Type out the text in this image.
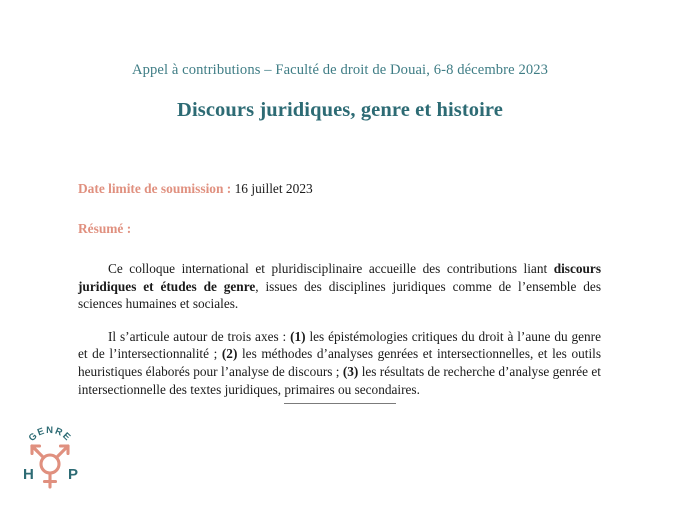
Appel à contributions – Faculté de droit de Douai, 6-8 décembre 2023
Discours juridiques, genre et histoire
Date limite de soumission : 16 juillet 2023
Résumé :

Ce colloque international et pluridisciplinaire accueille des contributions liant discours juridiques et études de genre, issues des disciplines juridiques comme de l’ensemble des sciences humaines et sociales.

Il s’articule autour de trois axes : (1) les épistémologies critiques du droit à l’aune du genre et de l’intersectionnalité ; (2) les méthodes d’analyses genrées et intersectionnelles, et les outils heuristiques élaborés pour l’analyse de discours ; (3) les résultats de recherche d’analyse genrée et intersectionnelle des textes juridiques, primaires ou secondaires.

GENRE
H P
